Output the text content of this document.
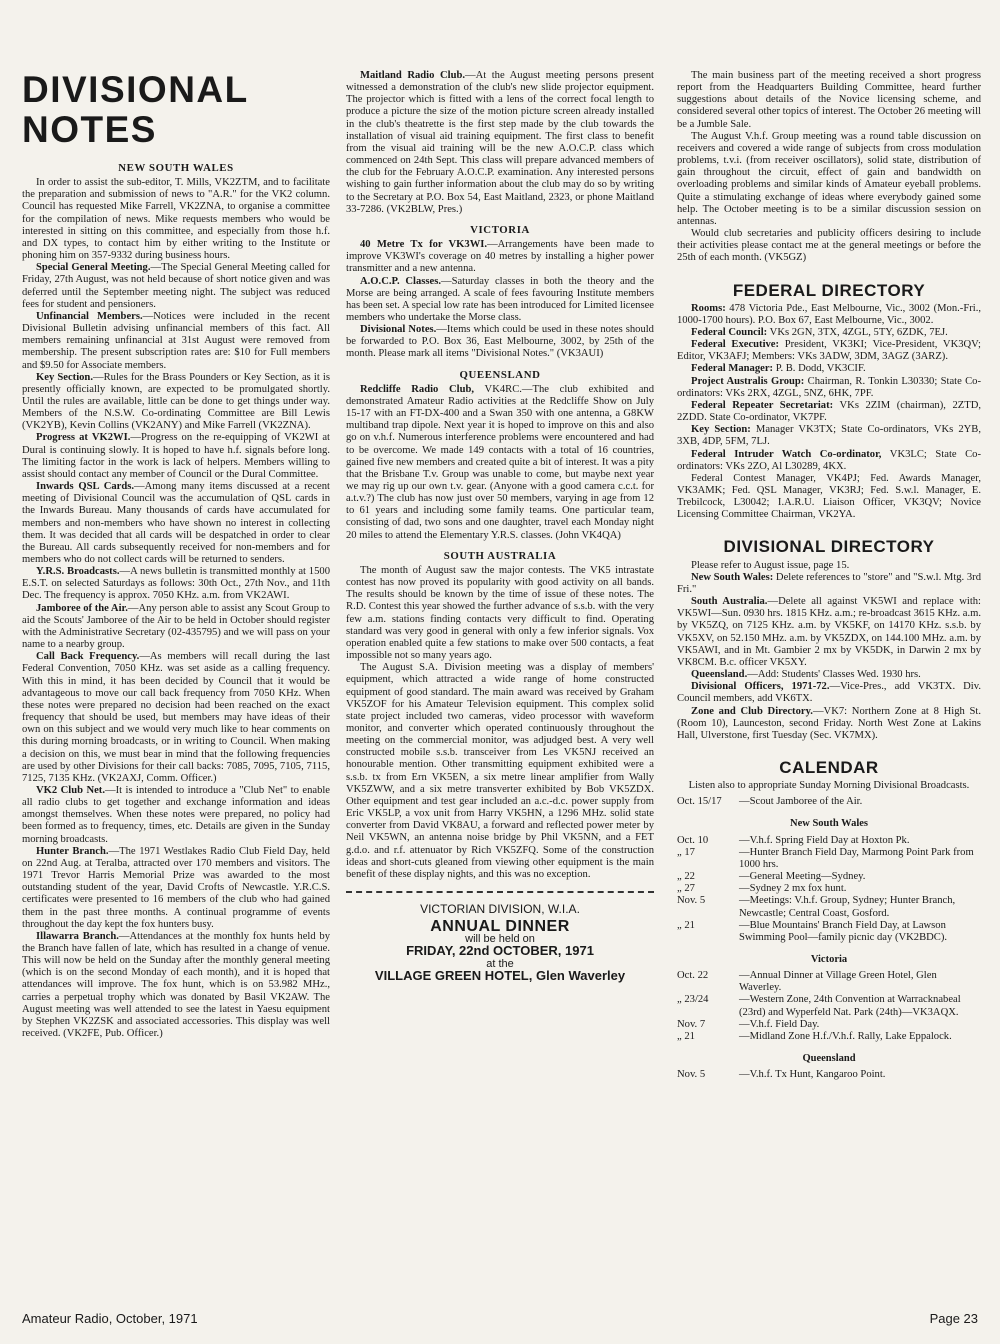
DIVISIONAL NOTES
NEW SOUTH WALES

In order to assist the sub-editor, T. Mills, VK2ZTM, and to facilitate the preparation and submission of news to "A.R." for the VK2 column. Council has requested Mike Farrell, VK2ZNA, to organise a committee for the compilation of news. Mike requests members who would be interested in sitting on this committee, and especially from those h.f. and DX types, to contact him by either writing to the Institute or phoning him on 357-9332 during business hours.

Special General Meeting.—The Special General Meeting called for Friday, 27th August, was not held because of short notice given and was deferred until the September meeting night. The subject was reduced fees for student and pensioners.

Unfinancial Members.—Notices were included in the recent Divisional Bulletin advising unfinancial members of this fact. All members remaining unfinancial at 31st August were removed from membership. The present subscription rates are: $10 for Full members and $9.50 for Associate members.

Key Section.—Rules for the Brass Pounders or Key Section, as it is presently officially known, are expected to be promulgated shortly. Until the rules are available, little can be done to get things under way. Members of the N.S.W. Co-ordinating Committee are Bill Lewis (VK2YB), Kevin Collins (VK2ANY) and Mike Farrell (VK2ZNA).

Progress at VK2WI.—Progress on the re-equipping of VK2WI at Dural is continuing slowly. It is hoped to have h.f. signals before long. The limiting factor in the work is lack of helpers. Members willing to assist should contact any member of Council or the Dural Committee.

Inwards QSL Cards.—Among many items discussed at a recent meeting of Divisional Council was the accumulation of QSL cards in the Inwards Bureau. Many thousands of cards have accumulated for members and non-members who have shown no interest in collecting them. It was decided that all cards will be despatched in order to clear the Bureau. All cards subsequently received for non-members and for members who do not collect cards will be returned to senders.

Y.R.S. Broadcasts.—A news bulletin is transmitted monthly at 1500 E.S.T. on selected Saturdays as follows: 30th Oct., 27th Nov., and 11th Dec. The frequency is approx. 7050 KHz. a.m. from VK2AWI.

Jamboree of the Air.—Any person able to assist any Scout Group to aid the Scouts' Jamboree of the Air to be held in October should register with the Administrative Secretary (02-435795) and we will pass on your name to a nearby group.

Call Back Frequency.—As members will recall during the last Federal Convention, 7050 KHz. was set aside as a calling frequency. With this in mind, it has been decided by Council that it would be advantageous to move our call back frequency from 7050 KHz. When these notes were prepared no decision had been reached on the exact frequency that should be used, but members may have ideas of their own on this subject and we would very much like to hear comments on this during morning broadcasts, or in writing to Council. When making a decision on this, we must bear in mind that the following frequencies are used by other Divisions for their call backs: 7085, 7095, 7105, 7115, 7125, 7135 KHz. (VK2AXJ, Comm. Officer.)

VK2 Club Net.—It is intended to introduce a "Club Net" to enable all radio clubs to get together and exchange information and ideas amongst themselves. When these notes were prepared, no policy had been formed as to frequency, times, etc. Details are given in the Sunday morning broadcasts.

Hunter Branch.—The 1971 Westlakes Radio Club Field Day, held on 22nd Aug. at Teralba, attracted over 170 members and visitors. The 1971 Trevor Harris Memorial Prize was awarded to the most outstanding student of the year, David Crofts of Newcastle. Y.R.C.S. certificates were presented to 16 members of the club who had gained them in the past three months. A continual programme of events throughout the day kept the fox hunters busy.

Illawarra Branch.—Attendances at the monthly fox hunts held by the Branch have fallen of late, which has resulted in a change of venue. This will now be held on the Sunday after the monthly general meeting (which is on the second Monday of each month), and it is hoped that attendances will improve. The fox hunt, which is on 53.982 MHz., carries a perpetual trophy which was donated by Basil VK2AW. The August meeting was well attended to see the latest in Yaesu equipment by Stephen VK2ZSK and associated accessories. This display was well received. (VK2FE, Pub. Officer.)

Maitland Radio Club.—At the August meeting persons present witnessed a demonstration of the club's new slide projector equipment. The projector which is fitted with a lens of the correct focal length to produce a picture the size of the motion picture screen already installed in the club's theatrette is the first step made by the club towards the installation of visual aid training equipment. The first class to benefit from the visual aid training will be the new A.O.C.P. class which commenced on 24th Sept. This class will prepare advanced members of the club for the February A.O.C.P. examination. Any interested persons wishing to gain further information about the club may do so by writing to the Secretary at P.O. Box 54, East Maitland, 2323, or phone Maitland 33-7286. (VK2BLW, Pres.)

VICTORIA

40 Metre Tx for VK3WI.—Arrangements have been made to improve VK3WI's coverage on 40 metres by installing a higher power transmitter and a new antenna.

A.O.C.P. Classes.—Saturday classes in both the theory and the Morse are being arranged. A scale of fees favouring Institute members has been set. A special low rate has been introduced for Limited licensee members who undertake the Morse class.

Divisional Notes.—Items which could be used in these notes should be forwarded to P.O. Box 36, East Melbourne, 3002, by 25th of the month. Please mark all items "Divisional Notes." (VK3AUI)

QUEENSLAND

Redcliffe Radio Club, VK4RC.—The club exhibited and demonstrated Amateur Radio activities at the Redcliffe Show on July 15-17 with an FT-DX-400 and a Swan 350 with one antenna, a G8KW multiband trap dipole. Next year it is hoped to improve on this and also go on v.h.f. Numerous interference problems were encountered and had to be overcome. We made 149 contacts with a total of 16 countries, gained five new members and created quite a bit of interest. It was a pity that the Brisbane T.v. Group was unable to come, but maybe next year we may rig up our own t.v. gear. (Anyone with a good camera c.c.t. for a.t.v.?) The club has now just over 50 members, varying in age from 12 to 61 years and including some family teams. One particular team, consisting of dad, two sons and one daughter, travel each Monday night 20 miles to attend the Elementary Y.R.S. classes. (John VK4QA)

SOUTH AUSTRALIA

The month of August saw the major contests. The VK5 intrastate contest has now proved its popularity with good activity on all bands. The results should be known by the time of issue of these notes. The R.D. Contest this year showed the further advance of s.s.b. with the very few a.m. stations finding contacts very difficult to find. Operating standard was very good in general with only a few inferior signals. Vox operation enabled quite a few stations to make over 500 contacts, a feat impossible not so many years ago.

The August S.A. Division meeting was a display of members' equipment, which attracted a wide range of home constructed equipment of good standard. The main award was received by Graham VK5ZOF for his Amateur Television equipment. This complex solid state project included two cameras, video processor with waveform monitor, and converter which operated continuously throughout the meeting on the commercial monitor, was adjudged best. A very well constructed mobile s.s.b. transceiver from Les VK5NJ received an honourable mention. Other transmitting equipment exhibited were a s.s.b. tx from Ern VK5EN, a six metre linear amplifier from Wally VK5ZWW, and a six metre transverter exhibited by Bob VK5ZDX. Other equipment and test gear included an a.c.-d.c. power supply from Eric VK5LP, a vox unit from Harry VK5HN, a 1296 MHz. solid state converter from David VK8AU, a forward and reflected power meter by Neil VK5WN, an antenna noise bridge by Phil VK5NN, and a FET g.d.o. and r.f. attenuator by Rich VK5ZFQ. Some of the construction ideas and short-cuts gleaned from viewing other equipment is the main benefit of these display nights, and this was no exception.

VICTORIAN DIVISION, W.I.A.
ANNUAL DINNER
will be held on
FRIDAY, 22nd OCTOBER, 1971
at the
VILLAGE GREEN HOTEL, Glen Waverley

The main business part of the meeting received a short progress report from the Headquarters Building Committee, heard further suggestions about details of the Novice licensing scheme, and considered several other topics of interest. The October 26 meeting will be a Jumble Sale.

The August V.h.f. Group meeting was a round table discussion on receivers and covered a wide range of subjects from cross modulation problems, t.v.i. (from receiver oscillators), solid state, distribution of gain throughout the circuit, effect of gain and bandwidth on overloading problems and similar kinds of Amateur eyeball problems. Quite a stimulating exchange of ideas where everybody gained some help. The October meeting is to be a similar discussion session on antennas.

Would club secretaries and publicity officers desiring to include their activities please contact me at the general meetings or before the 25th of each month. (VK5GZ)

FEDERAL DIRECTORY

Rooms: 478 Victoria Pde., East Melbourne, Vic., 3002 (Mon.-Fri., 1000-1700 hours). P.O. Box 67, East Melbourne, Vic., 3002.

Federal Council: VKs 2GN, 3TX, 4ZGL, 5TY, 6ZDK, 7EJ.

Federal Executive: President, VK3KI; Vice-President, VK3QV; Editor, VK3AFJ; Members: VKs 3ADW, 3DM, 3AGZ (3ARZ).

Federal Manager: P. B. Dodd, VK3CIF.

Project Australis Group: Chairman, R. Tonkin L30330; State Co-ordinators: VKs 2RX, 4ZGL, 5NZ, 6HK, 7PF.

Federal Repeater Secretariat: VKs 2ZIM (chairman), 2ZTD, 2ZDD. State Co-ordinator, VK7PF.

Key Section: Manager VK3TX; State Co-ordinators, VKs 2YB, 3XB, 4DP, 5FM, 7LJ.

Federal Intruder Watch Co-ordinator, VK3LC; State Co-ordinators: VKs 2ZO, Al L30289, 4KX.

Federal Contest Manager, VK4PJ; Fed. Awards Manager, VK3AMK; Fed. QSL Manager, VK3RJ; Fed. S.w.l. Manager, E. Trebilcock, L30042; I.A.R.U. Liaison Officer, VK3QV; Novice Licensing Committee Chairman, VK2YA.

DIVISIONAL DIRECTORY

Please refer to August issue, page 15.

New South Wales: Delete references to "store" and "S.w.l. Mtg. 3rd Fri."

South Australia.—Delete all against VK5WI and replace with: VK5WI—Sun. 0930 hrs. 1815 KHz. a.m.; re-broadcast 3615 KHz. a.m. by VK5ZQ, on 7125 KHz. a.m. by VK5KF, on 14170 KHz. s.s.b. by VK5XV, on 52.150 MHz. a.m. by VK5ZDX, on 144.100 MHz. a.m. by VK5AWI, and in Mt. Gambier 2 mx by VK5DK, in Darwin 2 mx by VK8CM. B.c. officer VK5XY.

Queensland.—Add: Students' Classes Wed. 1930 hrs.

Divisional Officers, 1971-72.—Vice-Pres., add VK3TX. Div. Council members, add VK6TX.

Zone and Club Directory.—VK7: Northern Zone at 8 High St. (Room 10), Launceston, second Friday. North West Zone at Lakins Hall, Ulverstone, first Tuesday (Sec. VK7MX).

CALENDAR

Listen also to appropriate Sunday Morning Divisional Broadcasts.

Oct. 15/17	—Scout Jamboree of the Air.
New South Wales
Oct. 10	—V.h.f. Spring Field Day at Hoxton Pk.
„ 17	—Hunter Branch Field Day, Marmong Point Park from 1000 hrs.
„ 22	—General Meeting—Sydney.
„ 27	—Sydney 2 mx fox hunt.
Nov. 5	—Meetings: V.h.f. Group, Sydney; Hunter Branch, Newcastle; Central Coast, Gosford.
„ 21	—Blue Mountains' Branch Field Day, at Lawson Swimming Pool—family picnic day (VK2BDC).
Victoria
Oct. 22	—Annual Dinner at Village Green Hotel, Glen Waverley.
„ 23/24	—Western Zone, 24th Convention at Warracknabeal (23rd) and Wyperfeld Nat. Park (24th)—VK3AQX.
Nov. 7	—V.h.f. Field Day.
„ 21	—Midland Zone H.f./V.h.f. Rally, Lake Eppalock.
Queensland
Nov. 5	—V.h.f. Tx Hunt, Kangaroo Point.
Amateur Radio, October, 1971	Page 23
